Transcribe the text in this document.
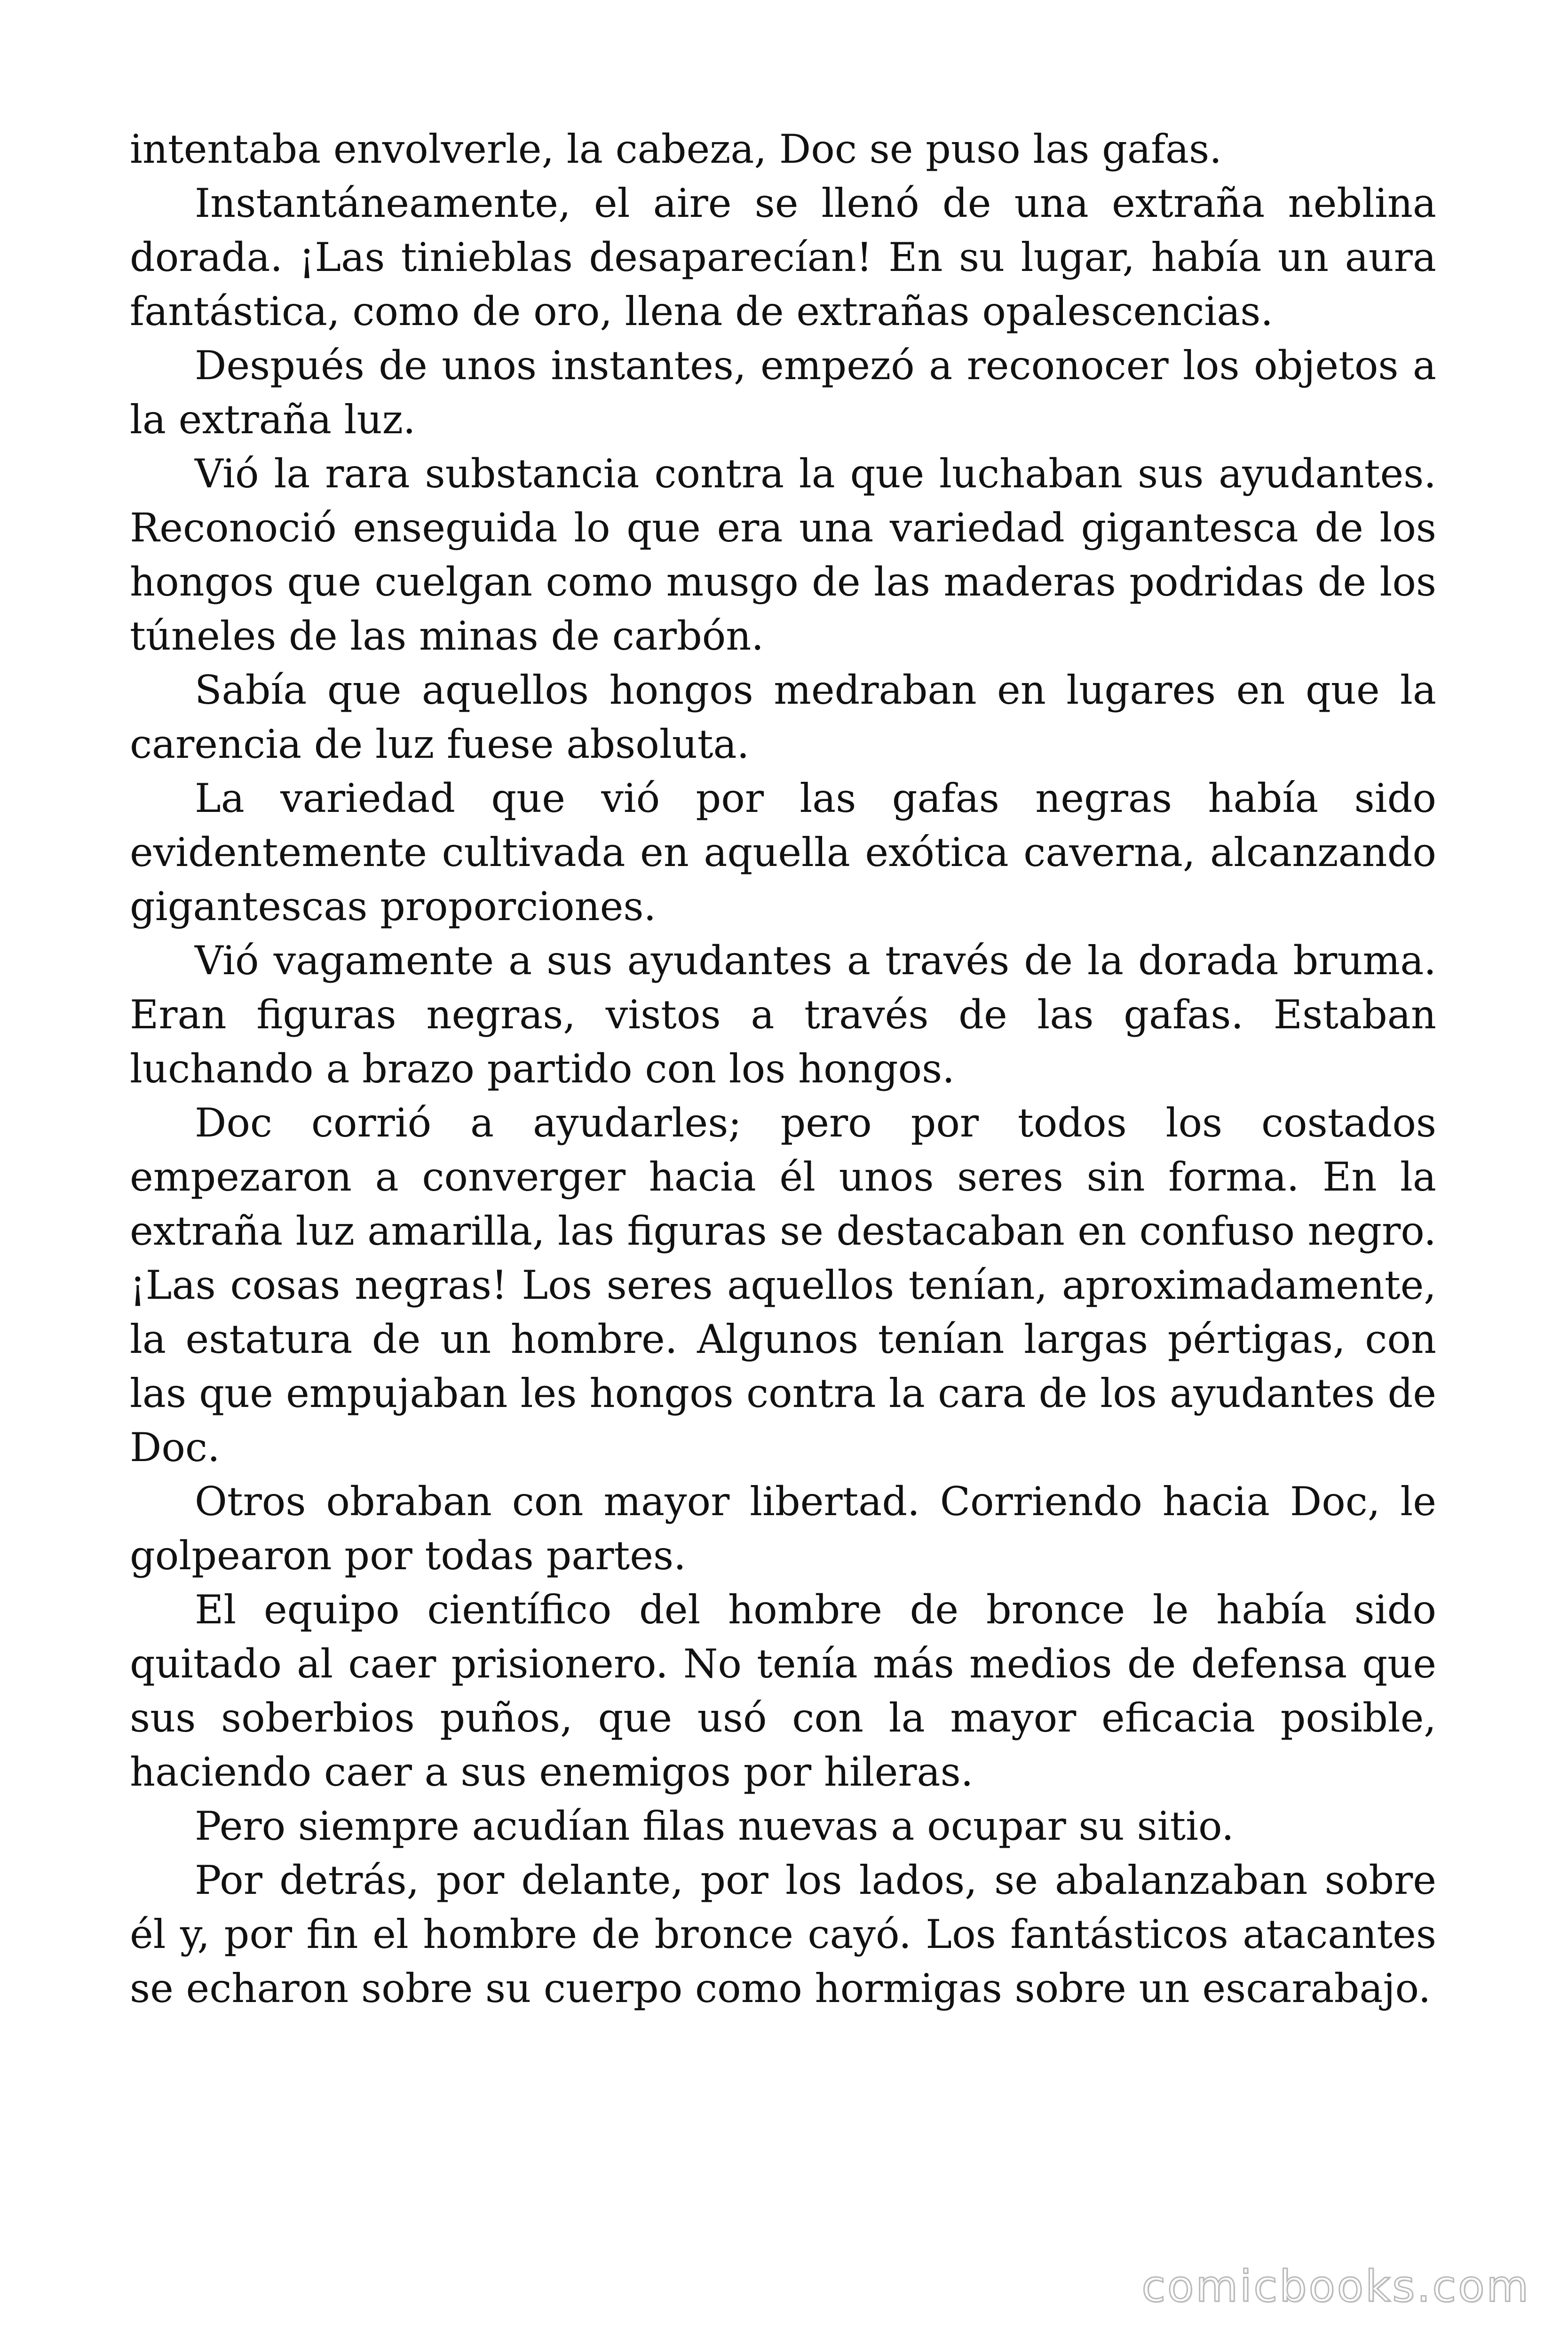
intentaba envolverle, la cabeza, Doc se puso las gafas.

Instantáneamente, el aire se llenó de una extraña neblina dorada. ¡Las tinieblas desaparecían! En su lugar, había un aura fantástica, como de oro, llena de extrañas opalescencias.

Después de unos instantes, empezó a reconocer los objetos a la extraña luz.

Vió la rara substancia contra la que luchaban sus ayudantes. Reconoció enseguida lo que era una variedad gigantesca de los hongos que cuelgan como musgo de las maderas podridas de los túneles de las minas de carbón.

Sabía que aquellos hongos medraban en lugares en que la carencia de luz fuese absoluta.

La variedad que vió por las gafas negras había sido evidentemente cultivada en aquella exótica caverna, alcanzando gigantescas proporciones.

Vió vagamente a sus ayudantes a través de la dorada bruma. Eran figuras negras, vistos a través de las gafas. Estaban luchando a brazo partido con los hongos.

Doc corrió a ayudarles; pero por todos los costados empezaron a converger hacia él unos seres sin forma. En la extraña luz amarilla, las figuras se destacaban en confuso negro. ¡Las cosas negras! Los seres aquellos tenían, aproximadamente, la estatura de un hombre. Algunos tenían largas pértigas, con las que empujaban les hongos contra la cara de los ayudantes de Doc.

Otros obraban con mayor libertad. Corriendo hacia Doc, le golpearon por todas partes.

El equipo científico del hombre de bronce le había sido quitado al caer prisionero. No tenía más medios de defensa que sus soberbios puños, que usó con la mayor eficacia posible, haciendo caer a sus enemigos por hileras.

Pero siempre acudían filas nuevas a ocupar su sitio.

Por detrás, por delante, por los lados, se abalanzaban sobre él y, por fin el hombre de bronce cayó. Los fantásticos atacantes se echaron sobre su cuerpo como hormigas sobre un escarabajo.

comicbooks.com
